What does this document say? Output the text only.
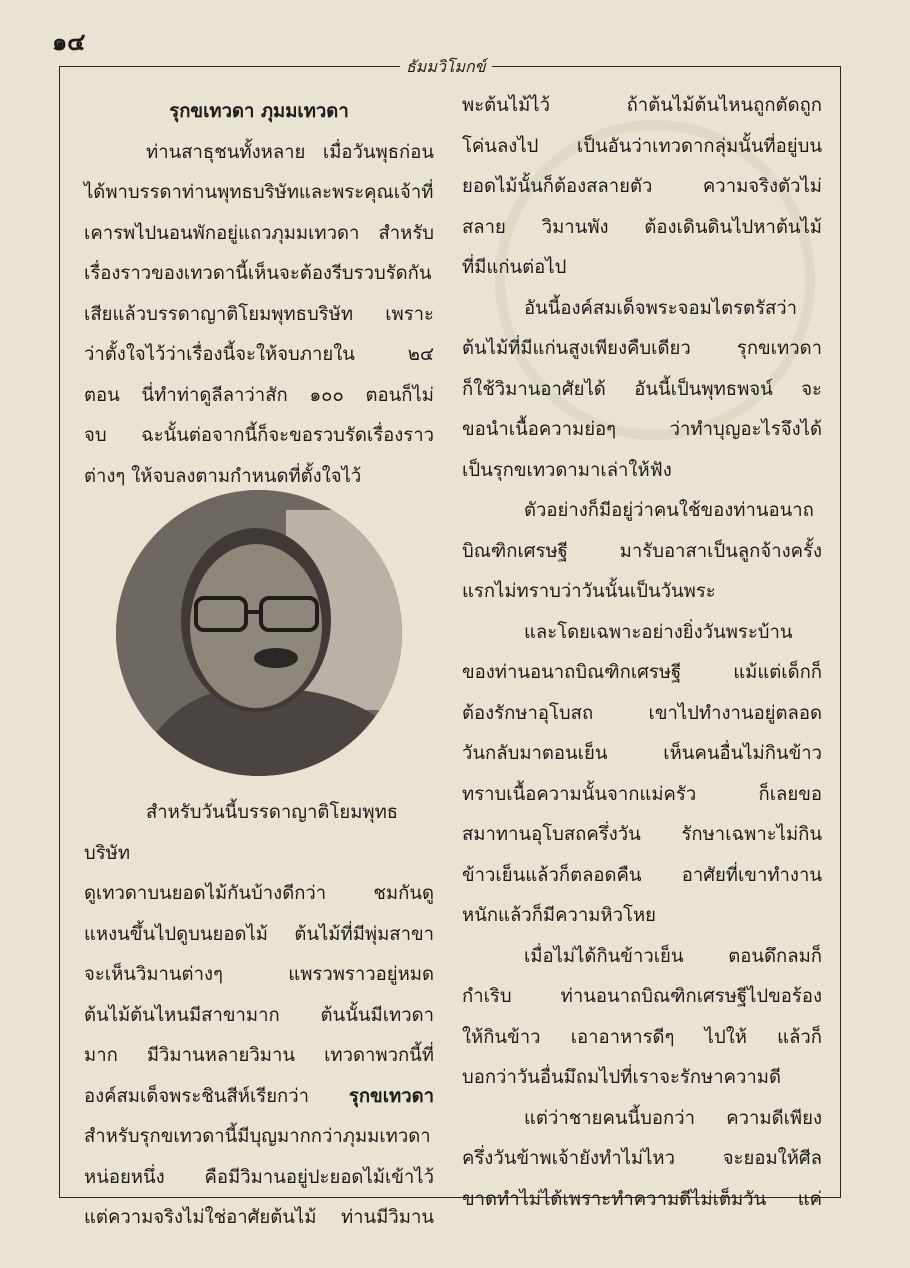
๑๔
ธัมมวิโมกข์

รุกขเทวดา ภุมมเทวดา

ท่านสาธุชนทั้งหลาย เมื่อวันพุธก่อน

ได้พาบรรดาท่านพุทธบริษัทและพระคุณเจ้าที่

เคารพไปนอนพักอยู่แถวภุมมเทวดา สำหรับ

เรื่องราวของเทวดานี้เห็นจะต้องรีบรวบรัดกัน

เสียแล้วบรรดาญาติโยมพุทธบริษัท เพราะ

ว่าตั้งใจไว้ว่าเรื่องนี้จะให้จบภายใน ๒๔

ตอน นี่ทำท่าดูลีลาว่าสัก ๑๐๐ ตอนก็ไม่

จบ ฉะนั้นต่อจากนี้ก็จะขอรวบรัดเรื่องราว

ต่างๆ ให้จบลงตามกำหนดที่ตั้งใจไว้

สำหรับวันนี้บรรดาญาติโยมพุทธบริษัท

ดูเทวดาบนยอดไม้กันบ้างดีกว่า ชมกันดู

แหงนขึ้นไปดูบนยอดไม้ ต้นไม้ที่มีพุ่มสาขา

จะเห็นวิมานต่างๆ แพรวพราวอยู่หมด

ต้นไม้ต้นไหนมีสาขามาก ต้นนั้นมีเทวดา

มาก มีวิมานหลายวิมาน เทวดาพวกนี้ที่

องค์สมเด็จพระชินสีห์เรียกว่า รุกขเทวดา

สำหรับรุกขเทวดานี้มีบุญมากกว่าภุมมเทวดา

หน่อยหนึ่ง คือมีวิมานอยู่ปะยอดไม้เข้าไว้

แต่ความจริงไม่ใช่อาศัยต้นไม้ ท่านมีวิมาน

พะต้นไม้ไว้ ถ้าต้นไม้ต้นไหนถูกตัดถูก

โค่นลงไป เป็นอันว่าเทวดากลุ่มนั้นที่อยู่บน

ยอดไม้นั้นก็ต้องสลายตัว ความจริงตัวไม่

สลาย วิมานพัง ต้องเดินดินไปหาต้นไม้

ที่มีแก่นต่อไป

อันนี้องค์สมเด็จพระจอมไตรตรัสว่า

ต้นไม้ที่มีแก่นสูงเพียงคืบเดียว รุกขเทวดา

ก็ใช้วิมานอาศัยได้ อันนี้เป็นพุทธพจน์ จะ

ขอนำเนื้อความย่อๆ ว่าทำบุญอะไรจึงได้

เป็นรุกขเทวดามาเล่าให้ฟัง

ตัวอย่างก็มีอยู่ว่าคนใช้ของท่านอนาถ

บิณฑิกเศรษฐี มารับอาสาเป็นลูกจ้างครั้ง

แรกไม่ทราบว่าวันนั้นเป็นวันพระ

และโดยเฉพาะอย่างยิ่งวันพระบ้าน

ของท่านอนาถบิณฑิกเศรษฐี แม้แต่เด็กก็

ต้องรักษาอุโบสถ เขาไปทำงานอยู่ตลอด

วันกลับมาตอนเย็น เห็นคนอื่นไม่กินข้าว

ทราบเนื้อความนั้นจากแม่ครัว ก็เลยขอ

สมาทานอุโบสถครึ่งวัน รักษาเฉพาะไม่กิน

ข้าวเย็นแล้วก็ตลอดคืน อาศัยที่เขาทำงาน

หนักแล้วก็มีความหิวโหย

เมื่อไม่ได้กินข้าวเย็น ตอนดึกลมก็

กำเริบ ท่านอนาถบิณฑิกเศรษฐีไปขอร้อง

ให้กินข้าว เอาอาหารดีๆ ไปให้ แล้วก็

บอกว่าวันอื่นมึถมไปที่เราจะรักษาความดี

แต่ว่าชายคนนี้บอกว่า ความดีเพียง

ครึ่งวันข้าพเจ้ายังทำไม่ไหว จะยอมให้ศีล

ขาดทำไม่ได้เพราะทำความดีไม่เต็มวัน แค่
